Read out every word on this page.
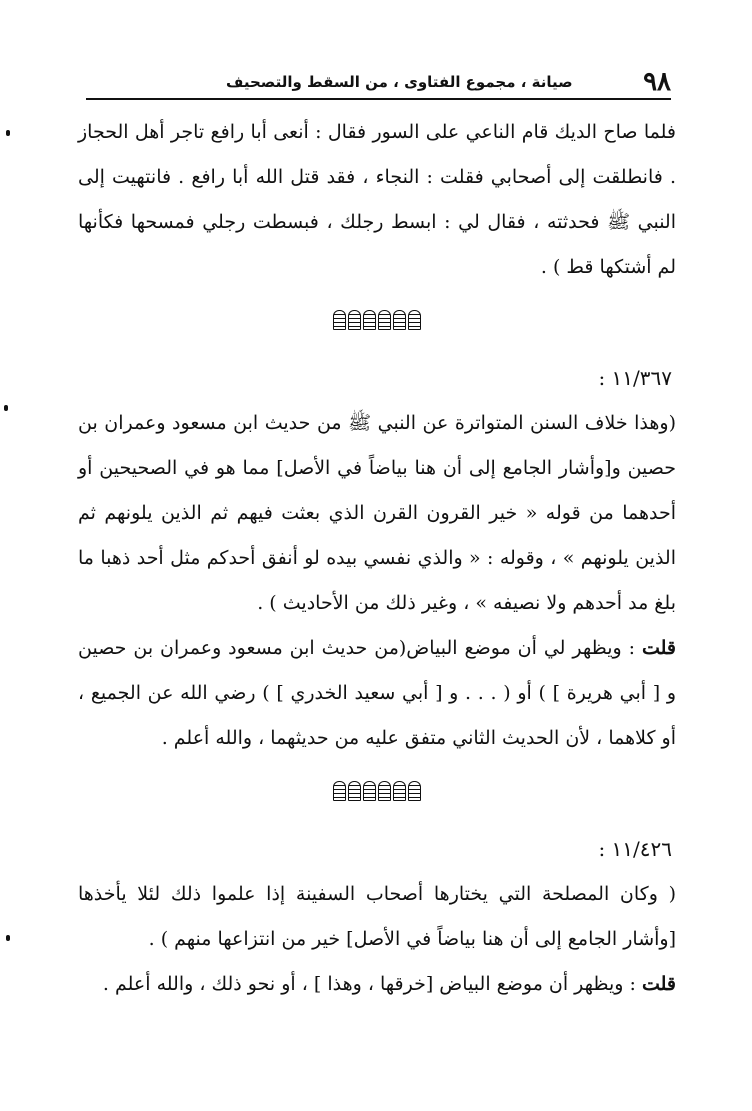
٩٨
صيانة ، مجموع الفتاوى ، من السقط والتصحيف

فلما صاح الديك قام الناعي على السور فقال : أنعى أبا رافع تاجر أهل الحجاز . فانطلقت إلى أصحابي فقلت : النجاء ، فقد قتل الله أبا رافع . فانتهيت إلى النبي ﷺ فحدثته ، فقال لي : ابسط رجلك ، فبسطت رجلي فمسحها فكأنها لم أشتكها قط ) .

١١/٣٦٧ :

(وهذا خلاف السنن المتواترة عن النبي ﷺ من حديث ابن مسعود وعمران بن حصين و[وأشار الجامع إلى أن هنا بياضاً في الأصل] مما هو في الصحيحين أو أحدهما من قوله « خير القرون القرن الذي بعثت فيهم ثم الذين يلونهم ثم الذين يلونهم » ، وقوله : « والذي نفسي بيده لو أنفق أحدكم مثل أحد ذهبا ما بلغ مد أحدهم ولا نصيفه » ، وغير ذلك من الأحاديث ) .

قلت : ويظهر لي أن موضع البياض(من حديث ابن مسعود وعمران بن حصين و [ أبي هريرة ] ) أو ( . . . و [ أبي سعيد الخدري ] ) رضي الله عن الجميع ، أو كلاهما ، لأن الحديث الثاني متفق عليه من حديثهما ، والله أعلم .

١١/٤٢٦ :

( وكان المصلحة التي يختارها أصحاب السفينة إذا علموا ذلك لئلا يأخذها [وأشار الجامع إلى أن هنا بياضاً في الأصل] خير من انتزاعها منهم ) .

قلت : ويظهر أن موضع البياض [خرقها ، وهذا ] ، أو نحو ذلك ، والله أعلم .
